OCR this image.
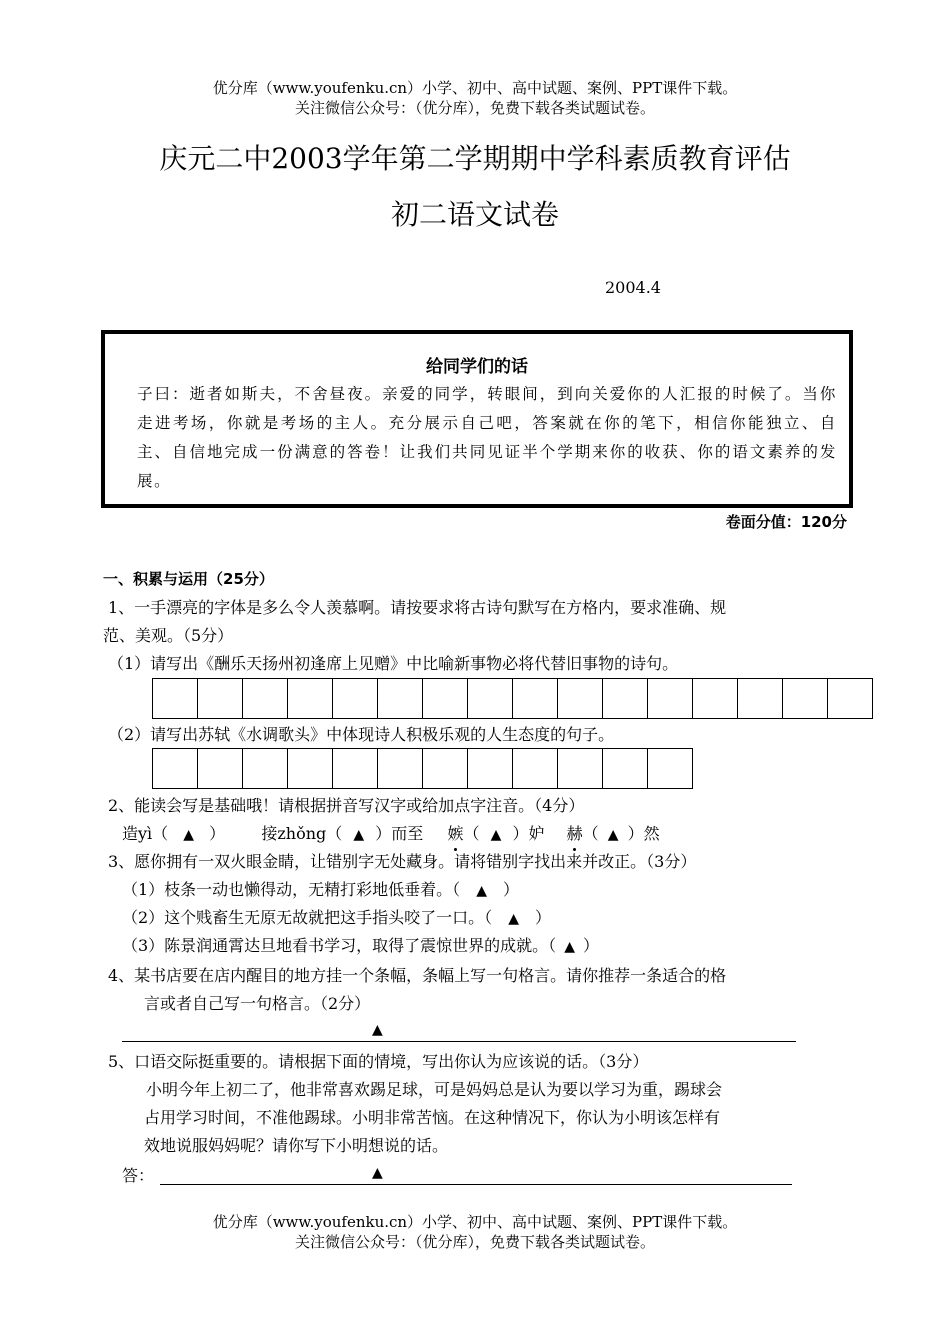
优分库（www.youfenku.cn）小学、初中、高中试题、案例、PPT课件下载。
关注微信公众号：（优分库），免费下载各类试题试卷。
庆元二中2003学年第二学期期中学科素质教育评估
初二语文试卷
2004.4
给同学们的话
子曰：逝者如斯夫，不舍昼夜。亲爱的同学，转眼间，到向关爱你的人汇报的时候了。当你走进考场，你就是考场的主人。充分展示自己吧，答案就在你的笔下，相信你能独立、自主、自信地完成一份满意的答卷！让我们共同见证半个学期来你的收获、你的语文素养的发展。
卷面分值：120分
一、积累与运用（25分）
1、一手漂亮的字体是多么令人羡慕啊。请按要求将古诗句默写在方格内，要求准确、规
范、美观。（5分）
（1）请写出《酬乐天扬州初逢席上见赠》中比喻新事物必将代替旧事物的诗句。
（2）请写出苏轼《水调歌头》中体现诗人积极乐观的人生态度的句子。
2、能读会写是基础哦！请根据拼音写汉字或给加点字注音。（4分）
造yì（ ▲ ） 接zhǒng（ ▲ ）而至 嫉（ ▲ ）妒 赫（ ▲ ）然
3、愿你拥有一双火眼金睛，让错别字无处藏身。请将错别字找出来并改正。（3分）
（1）枝条一动也懒得动，无精打彩地低垂着。（ ▲ ）
（2）这个贱畜生无原无故就把这手指头咬了一口。（ ▲ ）
（3）陈景润通霄达旦地看书学习，取得了震惊世界的成就。（ ▲ ）
4、某书店要在店内醒目的地方挂一个条幅，条幅上写一句格言。请你推荐一条适合的格
言或者自己写一句格言。（2分）
▲
5、口语交际挺重要的。请根据下面的情境，写出你认为应该说的话。（3分）
小明今年上初二了，他非常喜欢踢足球，可是妈妈总是认为要以学习为重，踢球会
占用学习时间，不准他踢球。小明非常苦恼。在这种情况下，你认为小明该怎样有
效地说服妈妈呢？请你写下小明想说的话。
答：	▲
优分库（www.youfenku.cn）小学、初中、高中试题、案例、PPT课件下载。
关注微信公众号：（优分库），免费下载各类试题试卷。
